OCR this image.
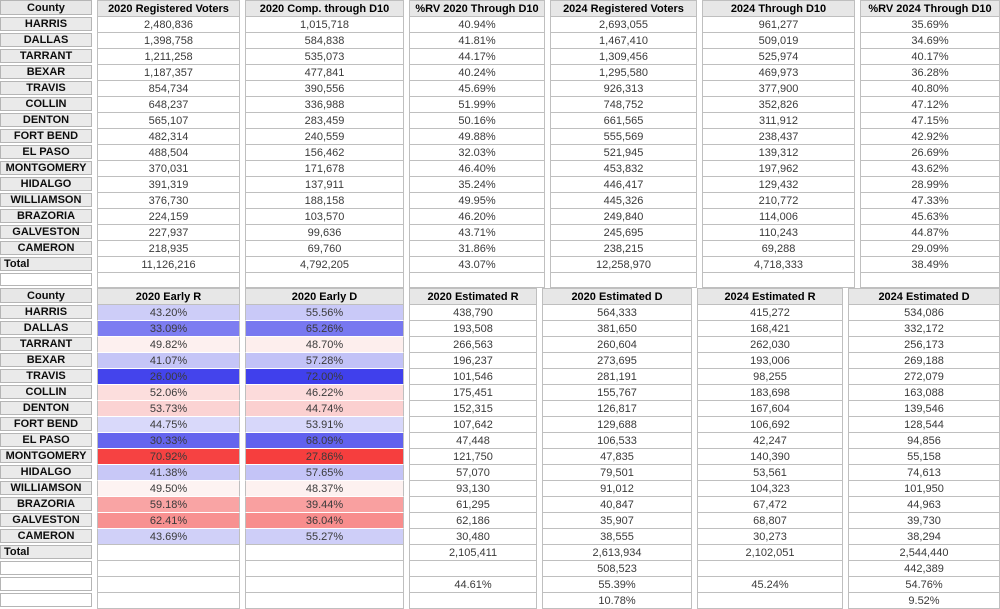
County
HARRIS
DALLAS
TARRANT
BEXAR
TRAVIS
COLLIN
DENTON
FORT BEND
EL PASO
MONTGOMERY
HIDALGO
WILLIAMSON
BRAZORIA
GALVESTON
CAMERON
Total
2020 Registered Voters
2,480,836
1,398,758
1,211,258
1,187,357
854,734
648,237
565,107
482,314
488,504
370,031
391,319
376,730
224,159
227,937
218,935
11,126,216
2020 Comp. through D10
1,015,718
584,838
535,073
477,841
390,556
336,988
283,459
240,559
156,462
171,678
137,911
188,158
103,570
99,636
69,760
4,792,205
%RV 2020 Through D10
40.94%
41.81%
44.17%
40.24%
45.69%
51.99%
50.16%
49.88%
32.03%
46.40%
35.24%
49.95%
46.20%
43.71%
31.86%
43.07%
2024 Registered Voters
2,693,055
1,467,410
1,309,456
1,295,580
926,313
748,752
661,565
555,569
521,945
453,832
446,417
445,326
249,840
245,695
238,215
12,258,970
2024 Through D10
961,277
509,019
525,974
469,973
377,900
352,826
311,912
238,437
139,312
197,962
129,432
210,772
114,006
110,243
69,288
4,718,333
%RV 2024 Through D10
35.69%
34.69%
40.17%
36.28%
40.80%
47.12%
47.15%
42.92%
26.69%
43.62%
28.99%
47.33%
45.63%
44.87%
29.09%
38.49%
County
HARRIS
DALLAS
TARRANT
BEXAR
TRAVIS
COLLIN
DENTON
FORT BEND
EL PASO
MONTGOMERY
HIDALGO
WILLIAMSON
BRAZORIA
GALVESTON
CAMERON
Total
2020 Early R
43.20%
33.09%
49.82%
41.07%
26.00%
52.06%
53.73%
44.75%
30.33%
70.92%
41.38%
49.50%
59.18%
62.41%
43.69%
2020 Early D
55.56%
65.26%
48.70%
57.28%
72.00%
46.22%
44.74%
53.91%
68.09%
27.86%
57.65%
48.37%
39.44%
36.04%
55.27%
2020 Estimated R
438,790
193,508
266,563
196,237
101,546
175,451
152,315
107,642
47,448
121,750
57,070
93,130
61,295
62,186
30,480
2,105,411
44.61%
2020 Estimated D
564,333
381,650
260,604
273,695
281,191
155,767
126,817
129,688
106,533
47,835
79,501
91,012
40,847
35,907
38,555
2,613,934
508,523
55.39%
10.78%
2024 Estimated R
415,272
168,421
262,030
193,006
98,255
183,698
167,604
106,692
42,247
140,390
53,561
104,323
67,472
68,807
30,273
2,102,051
45.24%
2024 Estimated D
534,086
332,172
256,173
269,188
272,079
163,088
139,546
128,544
94,856
55,158
74,613
101,950
44,963
39,730
38,294
2,544,440
442,389
54.76%
9.52%
